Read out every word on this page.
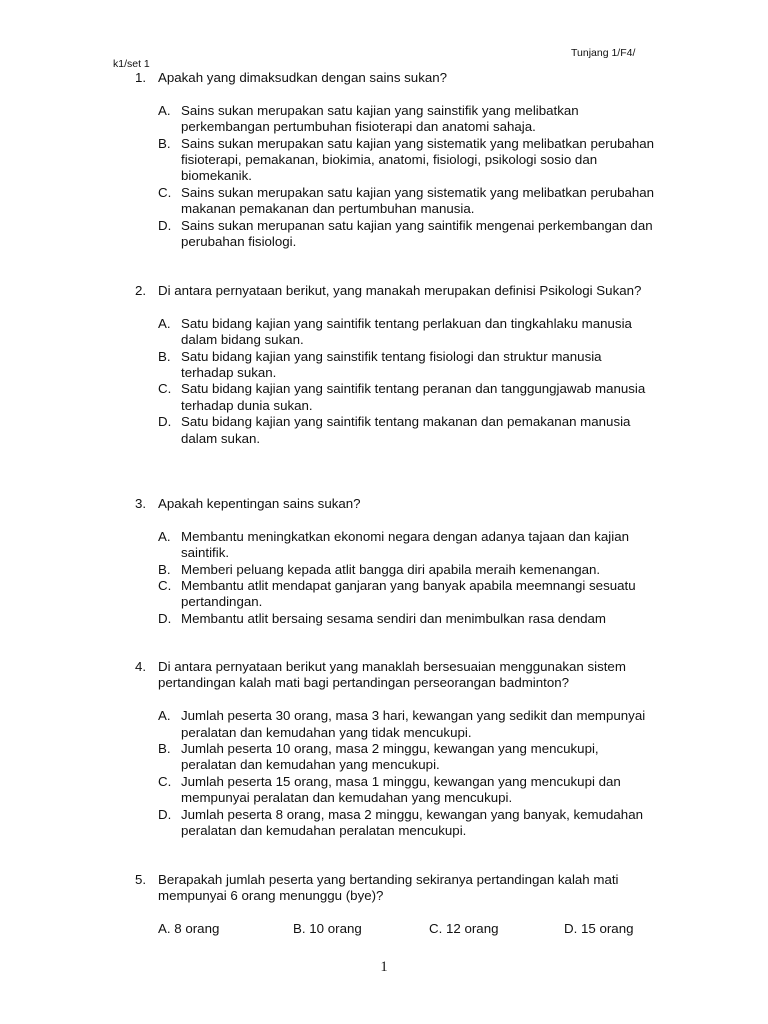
Tunjang 1/F4/
k1/set 1
1. Apakah yang dimaksudkan dengan sains sukan?
A. Sains sukan merupakan satu kajian yang sainstifik yang melibatkan perkembangan pertumbuhan fisioterapi dan anatomi sahaja.
B. Sains sukan merupakan satu kajian yang sistematik yang melibatkan perubahan fisioterapi, pemakanan, biokimia, anatomi, fisiologi, psikologi sosio dan biomekanik.
C. Sains sukan merupakan satu kajian yang sistematik yang melibatkan perubahan makanan pemakanan dan pertumbuhan manusia.
D. Sains sukan merupanan satu kajian yang saintifik mengenai perkembangan dan perubahan fisiologi.
2. Di antara pernyataan berikut, yang manakah merupakan definisi Psikologi Sukan?
A. Satu bidang kajian yang saintifik tentang perlakuan dan tingkahlaku manusia dalam bidang sukan.
B. Satu bidang kajian yang sainstifik tentang fisiologi dan struktur manusia terhadap sukan.
C. Satu bidang kajian yang saintifik tentang peranan dan tanggungjawab manusia terhadap dunia sukan.
D. Satu bidang kajian yang saintifik tentang makanan dan pemakanan manusia dalam sukan.
3. Apakah kepentingan sains sukan?
A. Membantu meningkatkan ekonomi negara dengan adanya tajaan dan kajian saintifik.
B. Memberi peluang kepada atlit bangga diri apabila meraih kemenangan.
C. Membantu atlit mendapat ganjaran yang banyak apabila meemnangi sesuatu pertandingan.
D. Membantu atlit bersaing sesama sendiri dan menimbulkan rasa dendam
4. Di antara pernyataan berikut yang manaklah bersesuaian menggunakan sistem pertandingan kalah mati bagi pertandingan perseorangan badminton?
A. Jumlah peserta 30 orang, masa 3 hari, kewangan yang sedikit dan mempunyai peralatan dan kemudahan yang tidak mencukupi.
B. Jumlah peserta 10 orang, masa 2 minggu, kewangan yang mencukupi, peralatan dan kemudahan yang mencukupi.
C. Jumlah peserta 15 orang, masa 1 minggu, kewangan yang mencukupi dan mempunyai peralatan dan kemudahan yang mencukupi.
D. Jumlah peserta 8 orang, masa 2 minggu, kewangan yang banyak, kemudahan peralatan dan kemudahan peralatan mencukupi.
5. Berapakah jumlah peserta yang bertanding sekiranya pertandingan kalah mati mempunyai 6 orang menunggu (bye)?
A. 8 orang	B. 10 orang	C. 12 orang	D. 15 orang
1
